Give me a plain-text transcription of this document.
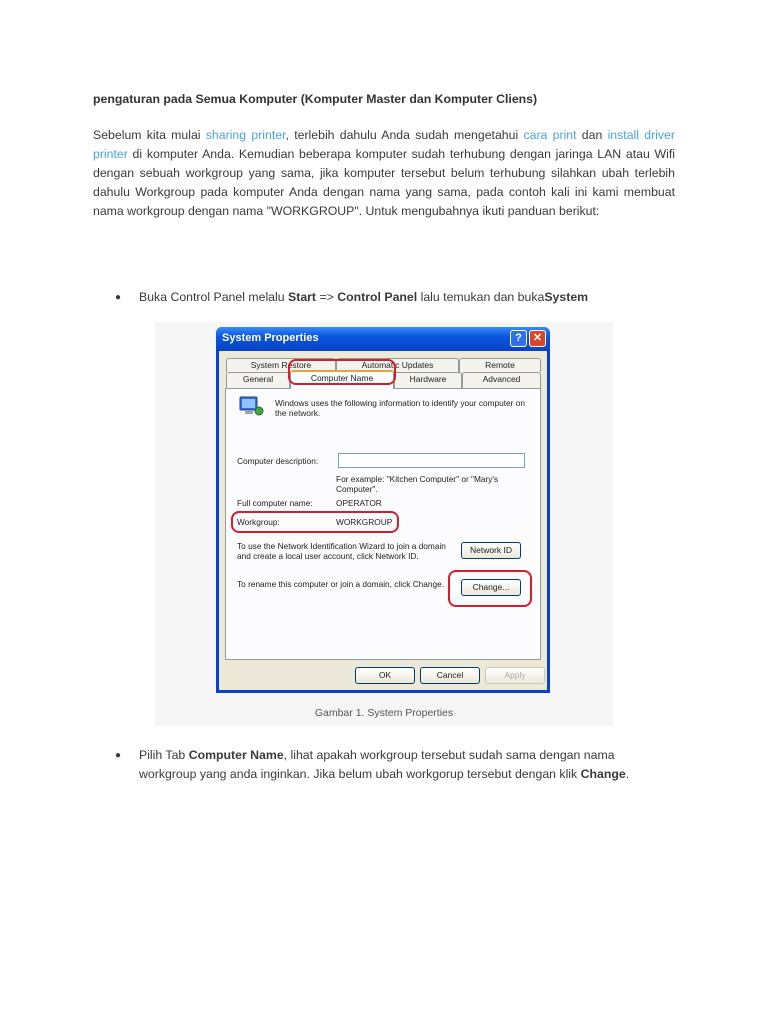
pengaturan pada Semua Komputer (Komputer Master dan Komputer Cliens)

Sebelum kita mulai sharing printer, terlebih dahulu Anda sudah mengetahui cara print dan install driver printer di komputer Anda. Kemudian beberapa komputer sudah terhubung dengan jaringa LAN atau Wifi dengan sebuah workgroup yang sama, jika komputer tersebut belum terhubung silahkan ubah terlebih dahulu Workgroup pada komputer Anda dengan nama yang sama, pada contoh kali ini kami membuat nama workgroup dengan nama "WORKGROUP". Untuk mengubahnya ikuti panduan berikut:

● Buka Control Panel melalu Start => Control Panel lalu temukan dan bukaSystem
System Properties	?	✕
System Restore	Automatic Updates	Remote
Windows uses the following information to identify your computer on the network.
Computer description:
For example: "Kitchen Computer" or "Mary's Computer".
Full computer name:	OPERATOR
Workgroup:	WORKGROUP
To use the Network Identification Wizard to join a domain and create a local user account, click Network ID.
Network ID
To rename this computer or join a domain, click Change.	Change...
General	Computer Name	Hardware	Advanced
OK	Cancel	Apply
Gambar 1. System Properties
● Pilih Tab Computer Name, lihat apakah workgroup tersebut sudah sama dengan nama workgroup yang anda inginkan. Jika belum ubah workgorup tersebut dengan klik Change.
